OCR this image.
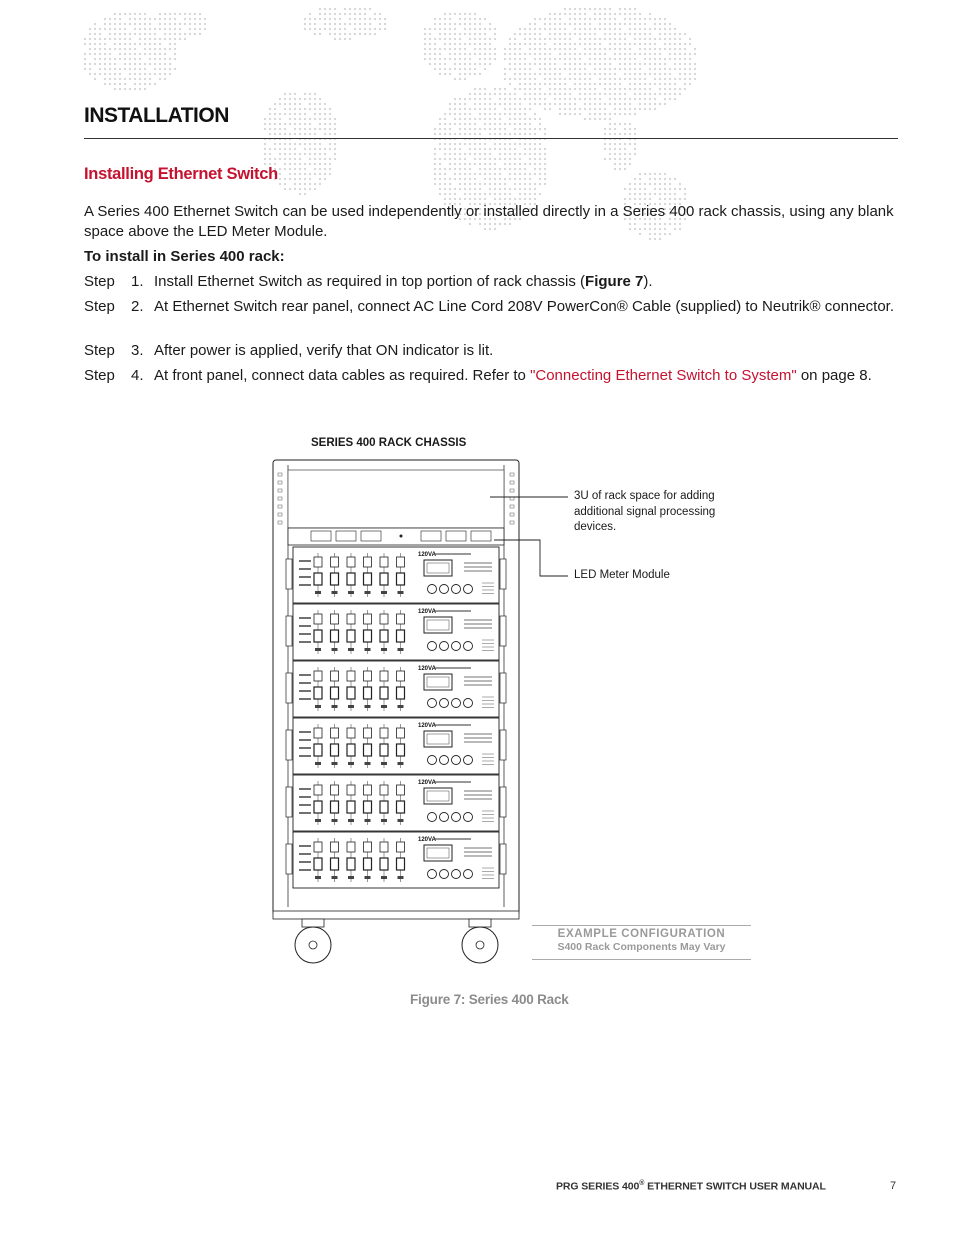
INSTALLATION
Installing Ethernet Switch
A Series 400 Ethernet Switch can be used independently or installed directly in a Series 400 rack chassis, using any blank space above the LED Meter Module.
To install in Series 400 rack:
Step 1. Install Ethernet Switch as required in top portion of rack chassis (Figure 7).
Step 2. At Ethernet Switch rear panel, connect AC Line Cord 208V PowerCon® Cable (supplied) to Neutrik® connector.
Step 3. After power is applied, verify that ON indicator is lit.
Step 4. At front panel, connect data cables as required. Refer to "Connecting Ethernet Switch to System" on page 8.
SERIES 400 RACK CHASSIS
120VA
120VA
120VA
120VA
120VA
120VA
3U of rack space for adding additional signal processing devices.
LED Meter Module
EXAMPLE CONFIGURATION
S400 Rack Components May Vary
Figure 7: Series 400 Rack
PRG SERIES 400® ETHERNET SWITCH USER MANUAL	7
